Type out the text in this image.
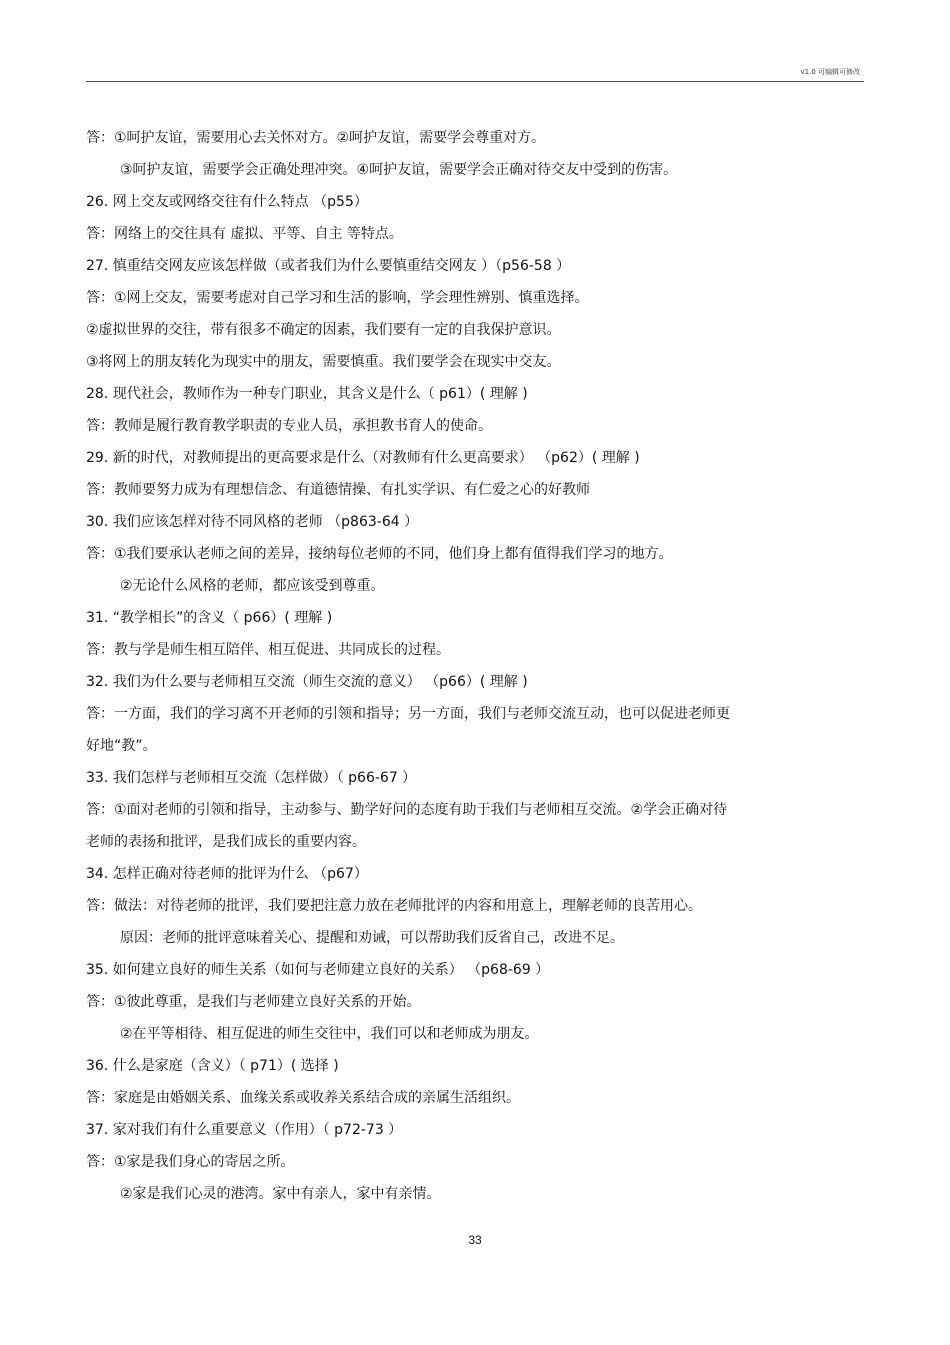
v1.0 可编辑可修改
答：①呵护友谊，需要用心去关怀对方。②呵护友谊，需要学会尊重对方。
③呵护友谊，需要学会正确处理冲突。④呵护友谊，需要学会正确对待交友中受到的伤害。
26. 网上交友或网络交往有什么特点 （p55）
答：网络上的交往具有 虚拟、平等、自主 等特点。
27. 慎重结交网友应该怎样做（或者我们为什么要慎重结交网友 ）（p56-58 ）
答：①网上交友，需要考虑对自己学习和生活的影响，学会理性辨别、慎重选择。
②虚拟世界的交往，带有很多不确定的因素，我们要有一定的自我保护意识。
③将网上的朋友转化为现实中的朋友，需要慎重。我们要学会在现实中交友。
28. 现代社会，教师作为一种专门职业，其含义是什么（ p61）( 理解 )
答：教师是履行教育教学职责的专业人员，承担教书育人的使命。
29. 新的时代，对教师提出的更高要求是什么（对教师有什么更高要求） （p62）( 理解 )
答：教师要努力成为有理想信念、有道德情操、有扎实学识、有仁爱之心的好教师
30. 我们应该怎样对待不同风格的老师 （p863-64 ）
答：①我们要承认老师之间的差异，接纳每位老师的不同，他们身上都有值得我们学习的地方。
②无论什么风格的老师，都应该受到尊重。
31. “教学相长”的含义（ p66）( 理解 )
答：教与学是师生相互陪伴、相互促进、共同成长的过程。
32. 我们为什么要与老师相互交流（师生交流的意义） （p66）( 理解 )
答：一方面，我们的学习离不开老师的引领和指导；另一方面，我们与老师交流互动，也可以促进老师更
好地“教”。
33. 我们怎样与老师相互交流（怎样做）（ p66-67 ）
答：①面对老师的引领和指导，主动参与、勤学好问的态度有助于我们与老师相互交流。②学会正确对待
老师的表扬和批评，是我们成长的重要内容。
34. 怎样正确对待老师的批评为什么 （p67）
答：做法：对待老师的批评，我们要把注意力放在老师批评的内容和用意上，理解老师的良苦用心。
原因：老师的批评意味着关心、提醒和劝诫，可以帮助我们反省自己，改进不足。
35. 如何建立良好的师生关系（如何与老师建立良好的关系） （p68-69 ）
答：①彼此尊重，是我们与老师建立良好关系的开始。
②在平等相待、相互促进的师生交往中，我们可以和老师成为朋友。
36. 什么是家庭（含义）（ p71）( 选择 )
答：家庭是由婚姻关系、血缘关系或收养关系结合成的亲属生活组织。
37. 家对我们有什么重要意义（作用）（ p72-73 ）
答：①家是我们身心的寄居之所。
②家是我们心灵的港湾。家中有亲人，家中有亲情。
33
